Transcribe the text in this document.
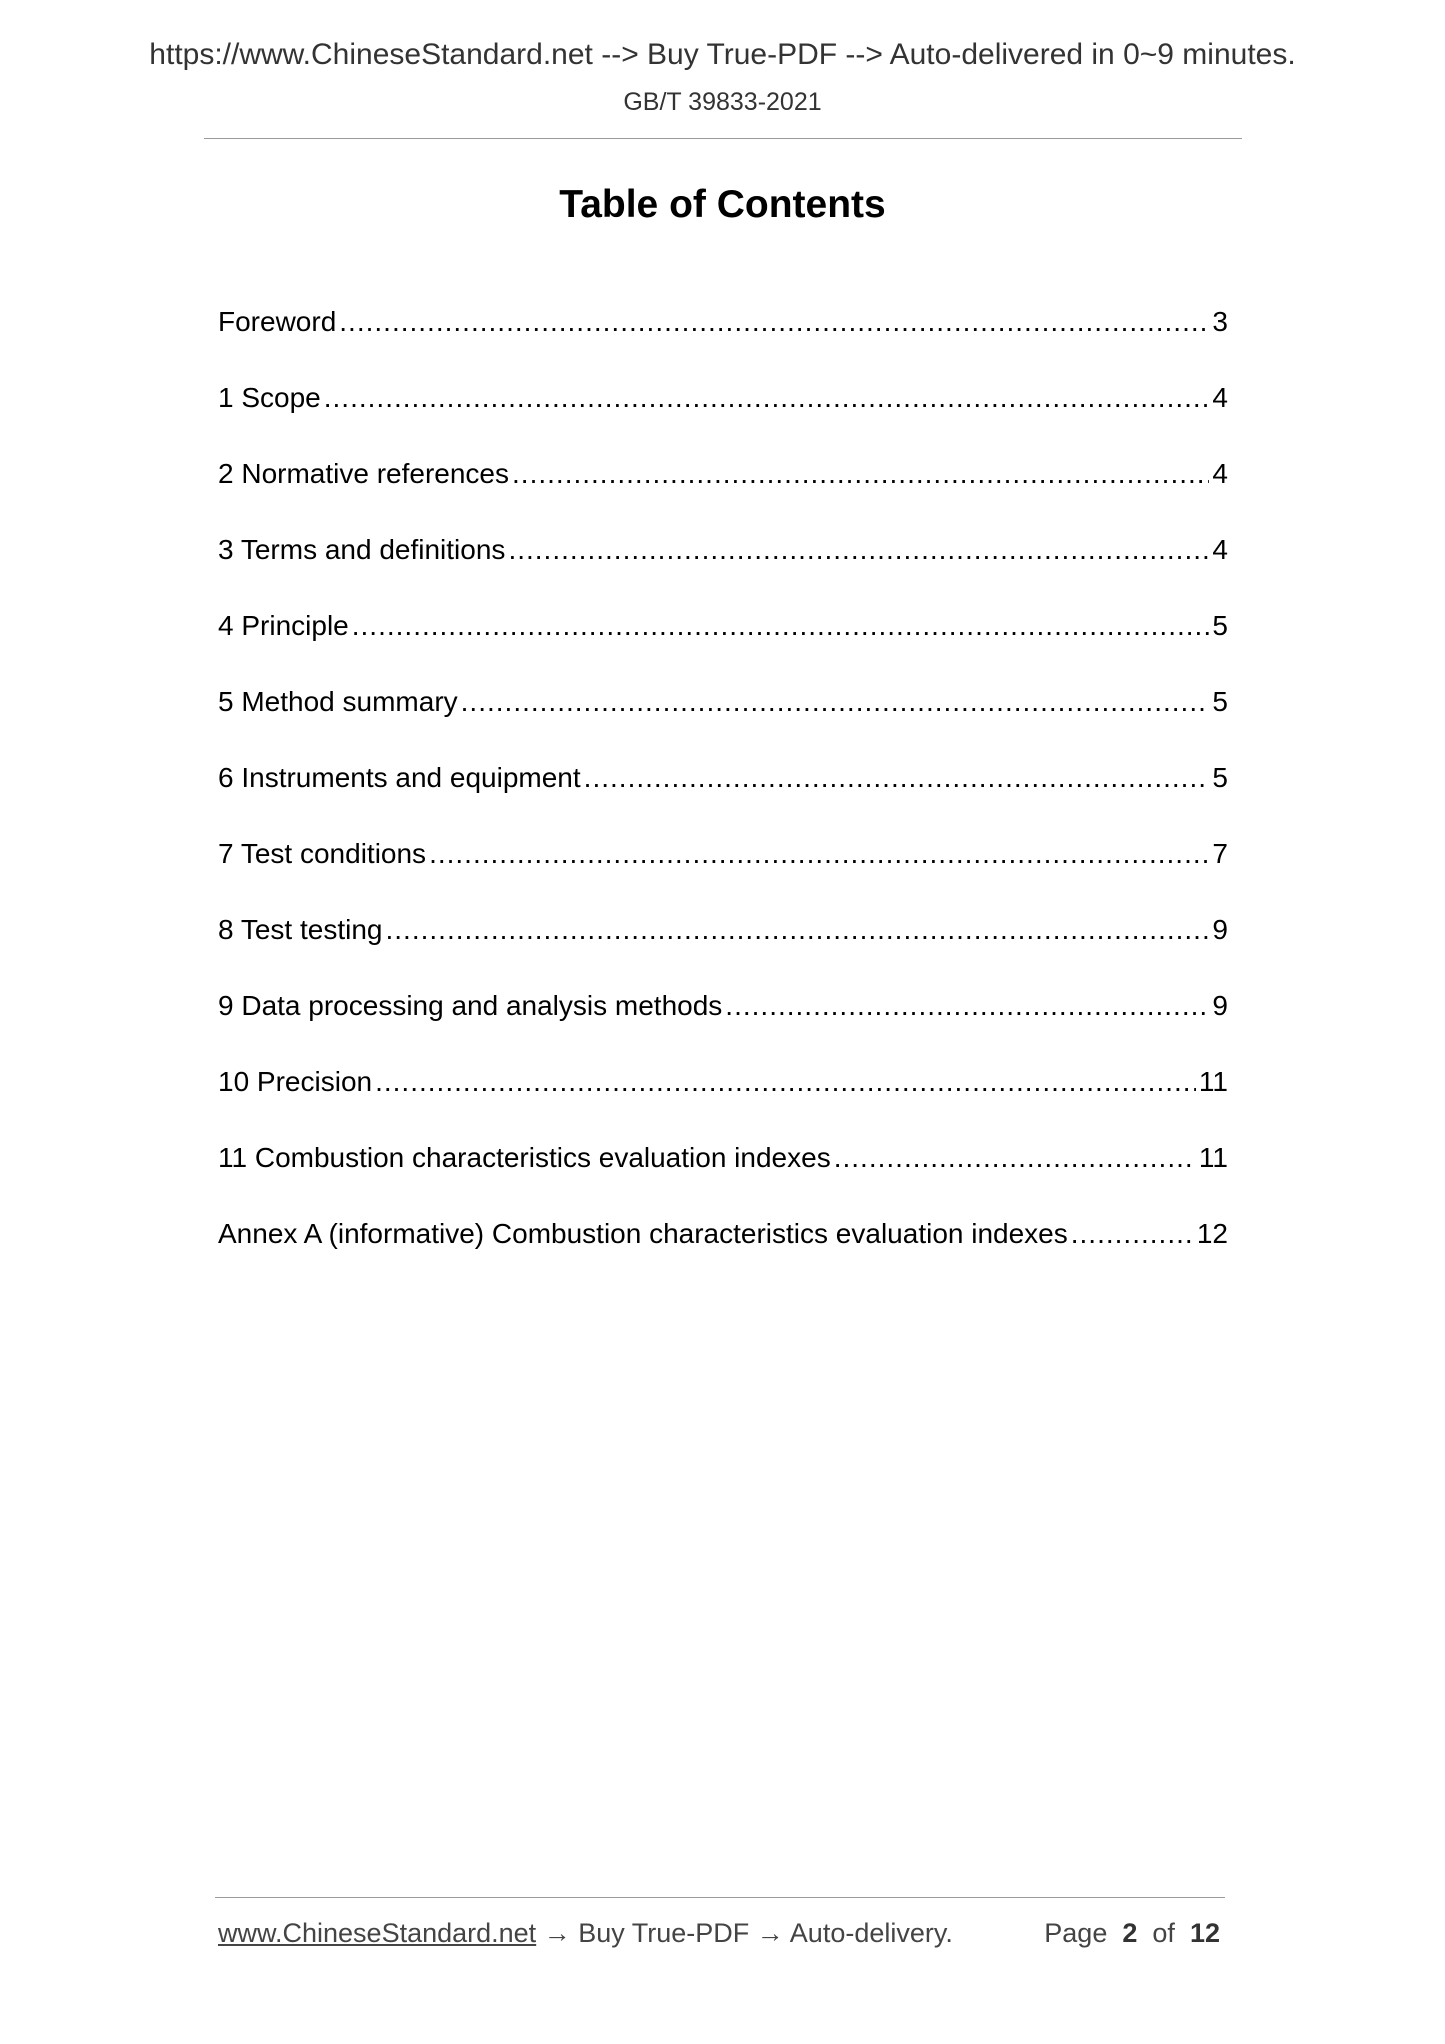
https://www.ChineseStandard.net --> Buy True-PDF --> Auto-delivered in 0~9 minutes.
GB/T 39833-2021
Table of Contents
Foreword .....	3
1 Scope .....	4
2 Normative references .....	4
3 Terms and definitions .....	4
4 Principle .....	5
5 Method summary .....	5
6 Instruments and equipment .....	5
7 Test conditions .....	7
8 Test testing .....	9
9 Data processing and analysis methods .....	9
10 Precision .....	11
11 Combustion characteristics evaluation indexes .....	11
Annex A (informative) Combustion characteristics evaluation indexes .....	12
www.ChineseStandard.net → Buy True-PDF → Auto-delivery.	Page 2 of 12
